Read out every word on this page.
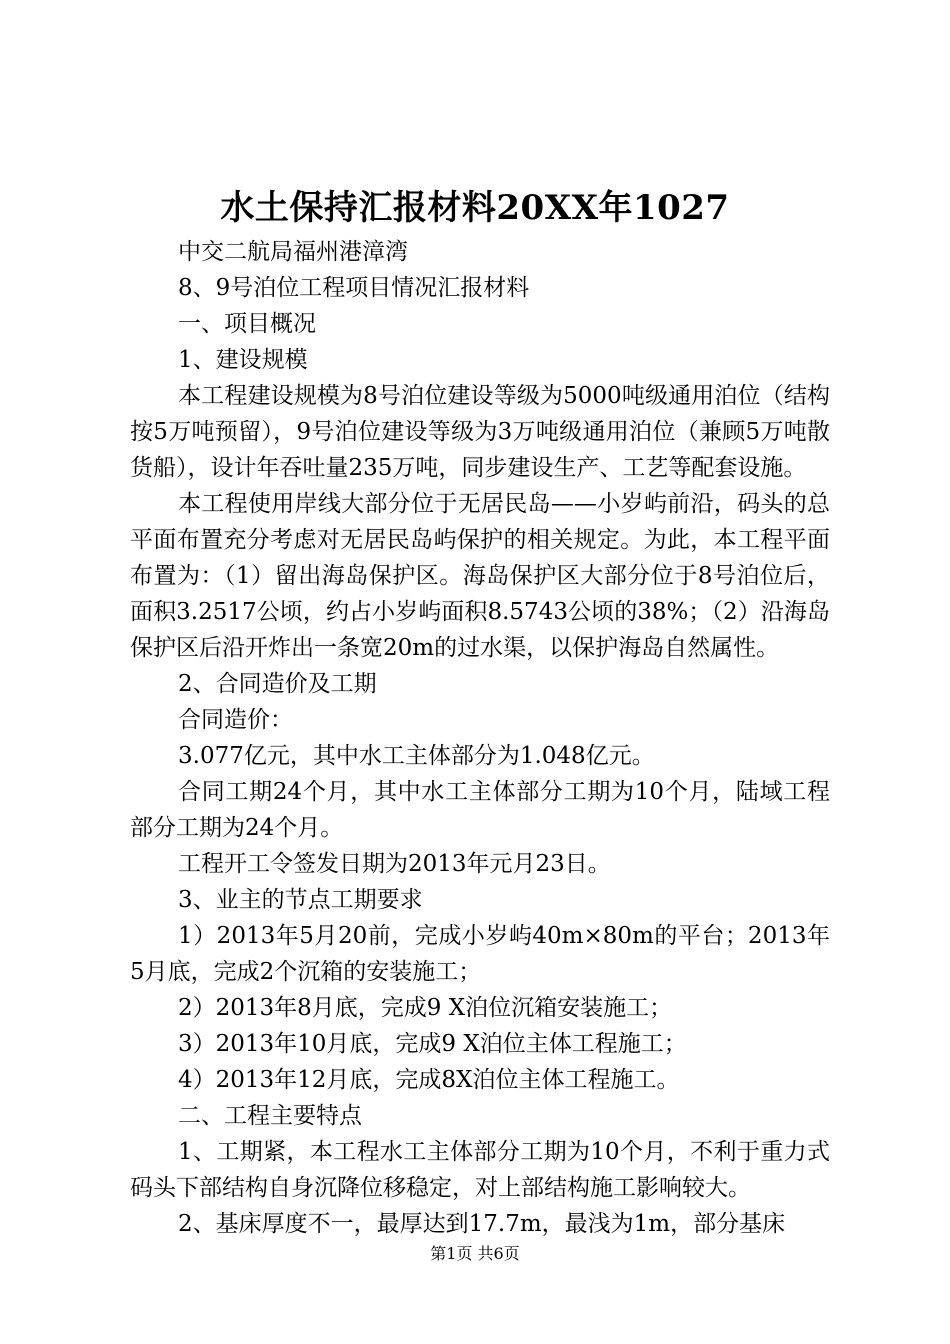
水土保持汇报材料20XX年1027

中交二航局福州港漳湾

8、9号泊位工程项目情况汇报材料

一、项目概况

1、建设规模

本工程建设规模为8号泊位建设等级为5000吨级通用泊位（结构按5万吨预留），9号泊位建设等级为3万吨级通用泊位（兼顾5万吨散货船），设计年吞吐量235万吨，同步建设生产、工艺等配套设施。

本工程使用岸线大部分位于无居民岛——小岁屿前沿，码头的总平面布置充分考虑对无居民岛屿保护的相关规定。为此，本工程平面布置为：（1）留出海岛保护区。海岛保护区大部分位于8号泊位后，面积3.2517公顷，约占小岁屿面积8.5743公顷的38%；（2）沿海岛保护区后沿开炸出一条宽20m的过水渠，以保护海岛自然属性。

2、合同造价及工期

合同造价：

3.077亿元，其中水工主体部分为1.048亿元。

合同工期24个月，其中水工主体部分工期为10个月，陆域工程部分工期为24个月。

工程开工令签发日期为2013年元月23日。

3、业主的节点工期要求

1）2013年5月20前，完成小岁屿40m×80m的平台；2013年5月底，完成2个沉箱的安装施工；

2）2013年8月底，完成9 X泊位沉箱安装施工；

3）2013年10月底，完成9 X泊位主体工程施工；

4）2013年12月底，完成8X泊位主体工程施工。

二、工程主要特点

1、工期紧，本工程水工主体部分工期为10个月，不利于重力式码头下部结构自身沉降位移稳定，对上部结构施工影响较大。

2、基床厚度不一，最厚达到17.7m，最浅为1m，部分基床

第1页 共6页
